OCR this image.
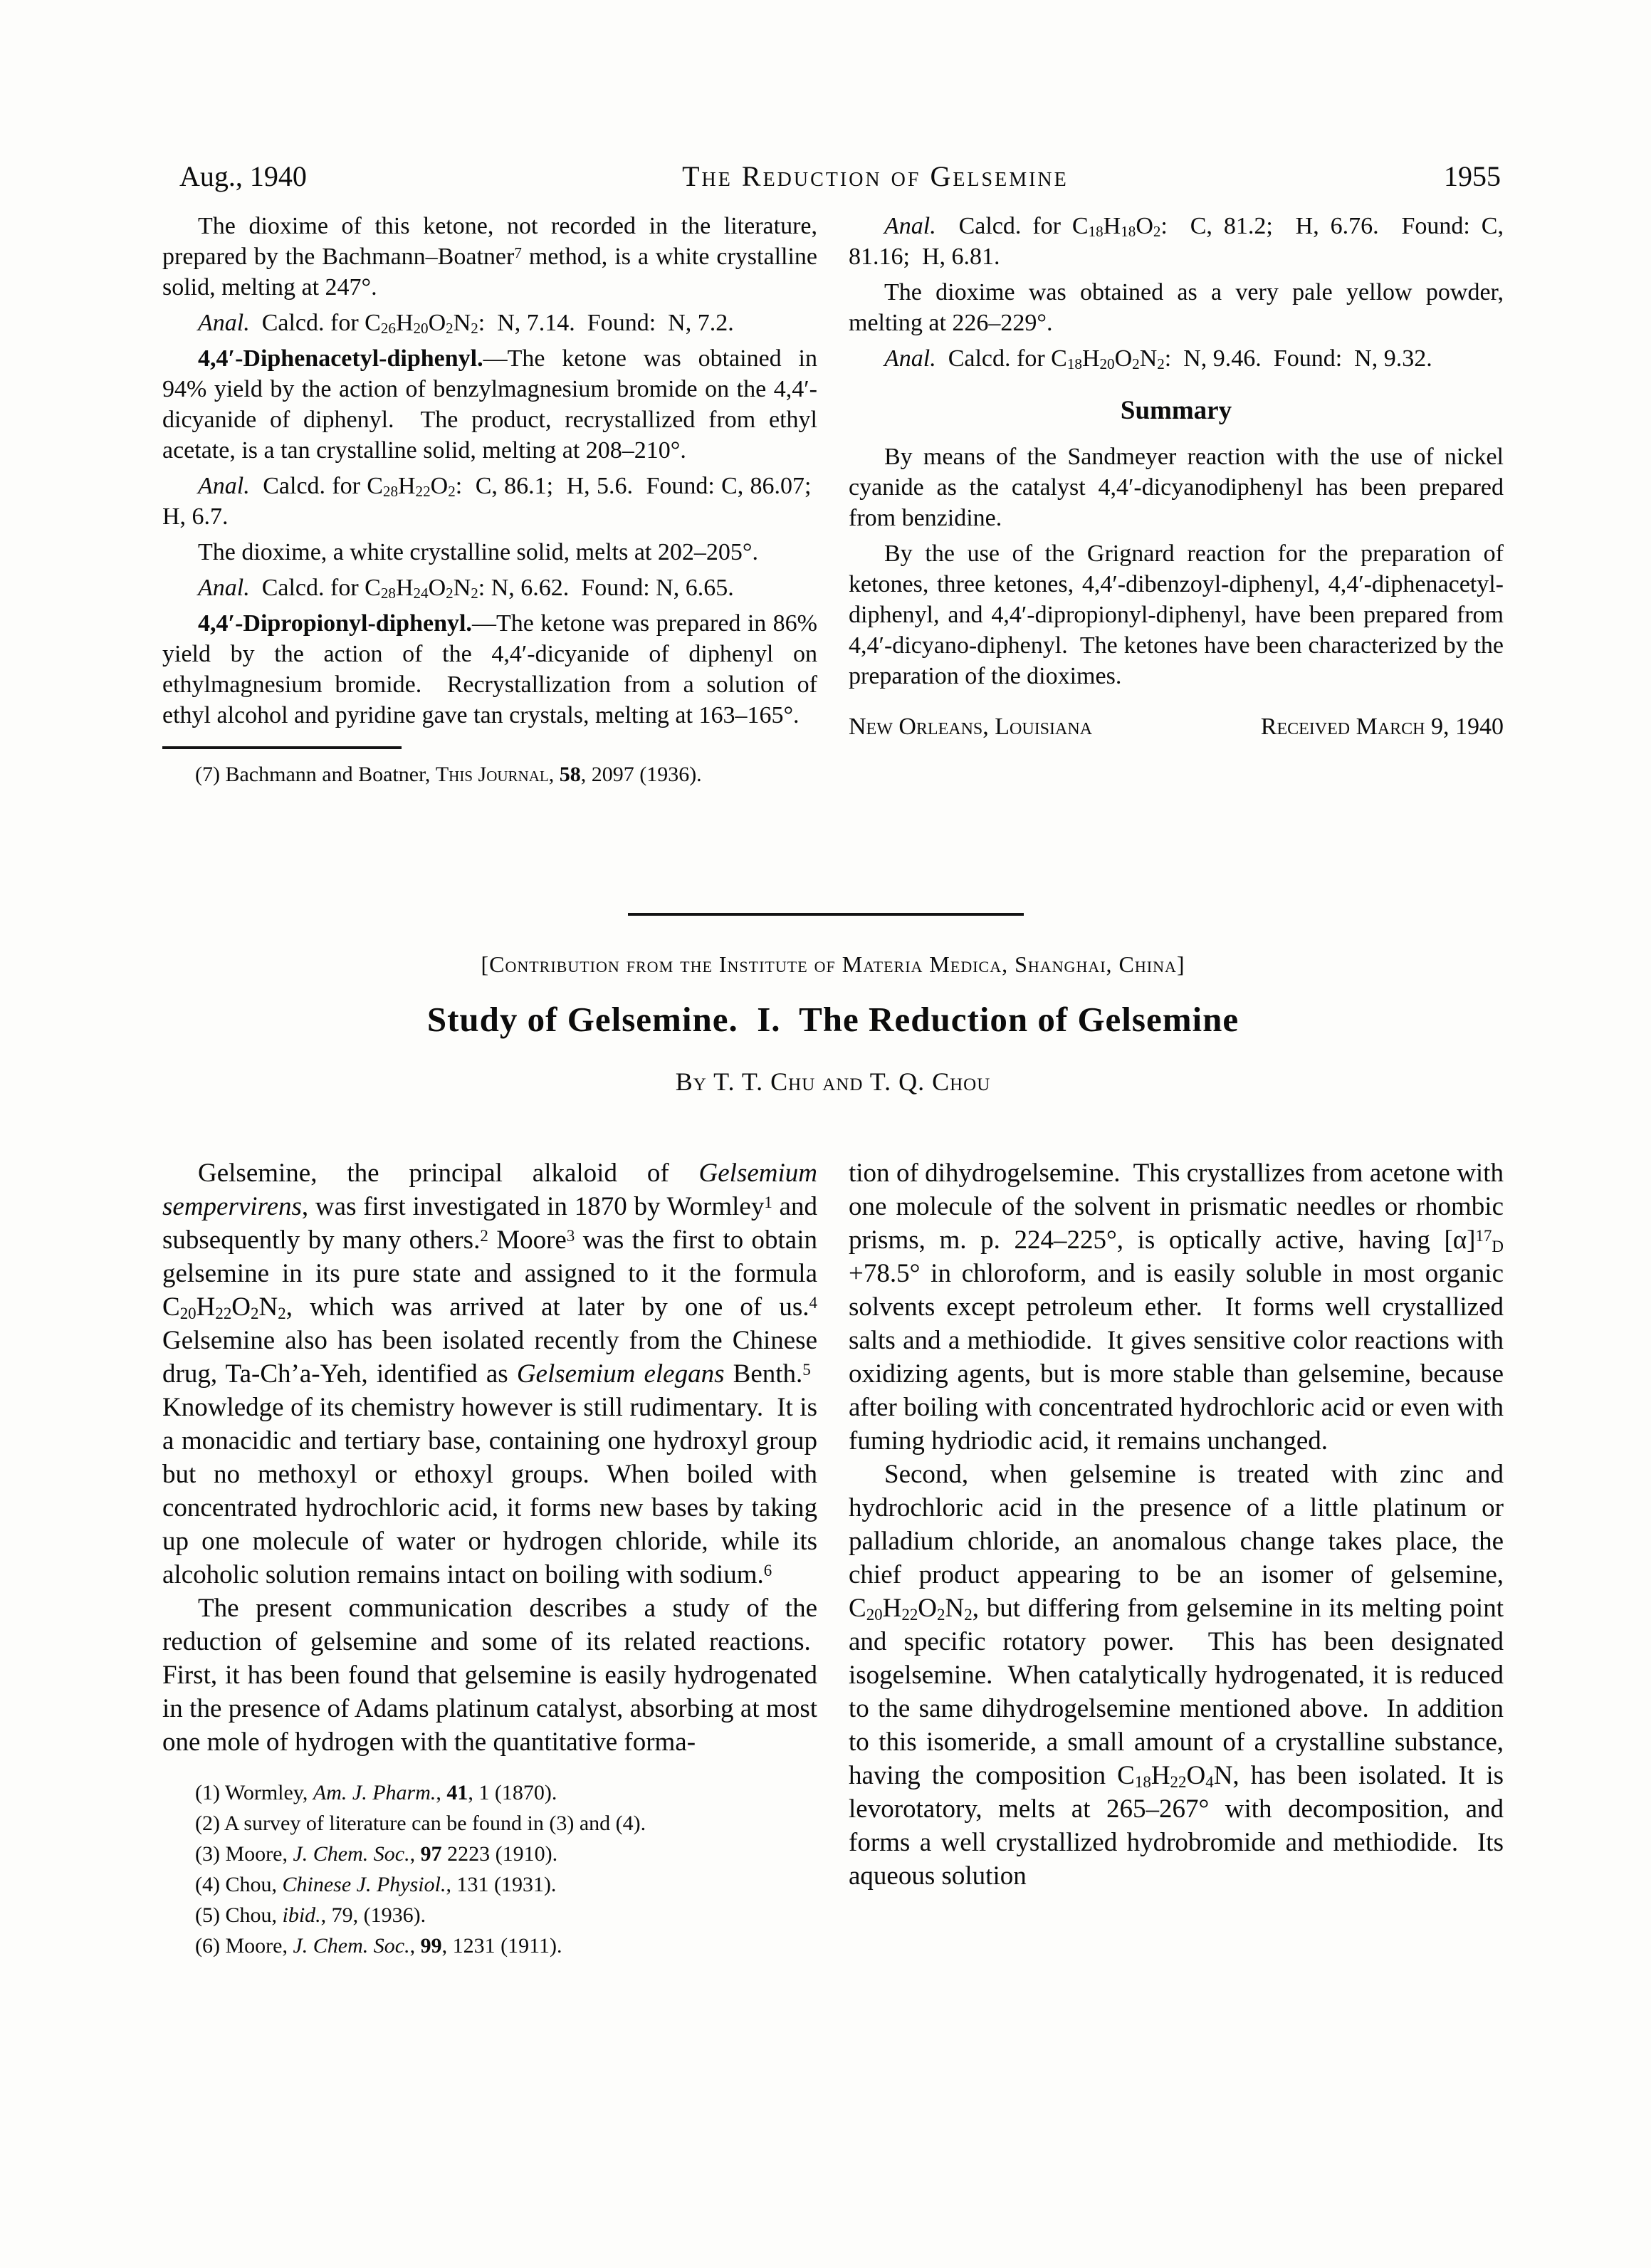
Aug., 1940	The Reduction of Gelsemine	1955

The dioxime of this ketone, not recorded in the literature, prepared by the Bachmann–Boatner$^7$ method, is a white crystalline solid, melting at 247°.

Anal.  Calcd. for $C_{26}H_{20}O_2N_2$:  N, 7.14.  Found:  N, 7.2.

4,4′-Diphenacetyl-diphenyl.—The ketone was obtained in 94% yield by the action of benzylmagnesium bromide on the 4,4′-dicyanide of diphenyl.  The product, recrystallized from ethyl acetate, is a tan crystalline solid, melting at 208–210°.

Anal.  Calcd. for $C_{28}H_{22}O_2$:  C, 86.1;  H, 5.6.  Found: C, 86.07;  H, 6.7.

The dioxime, a white crystalline solid, melts at 202–205°.

Anal.  Calcd. for $C_{28}H_{24}O_2N_2$: N, 6.62.  Found: N, 6.65.

4,4′-Dipropionyl-diphenyl.—The ketone was prepared in 86% yield by the action of the 4,4′-dicyanide of diphenyl on ethylmagnesium bromide.  Recrystallization from a solution of ethyl alcohol and pyridine gave tan crystals, melting at 163–165°.

(7) Bachmann and Boatner, This Journal, 58, 2097 (1936).

Anal.  Calcd. for $C_{18}H_{18}O_2$:  C, 81.2;  H, 6.76.  Found: C, 81.16;  H, 6.81.

The dioxime was obtained as a very pale yellow powder, melting at 226–229°.

Anal.  Calcd. for $C_{18}H_{20}O_2N_2$:  N, 9.46.  Found:  N, 9.32.

Summary

By means of the Sandmeyer reaction with the use of nickel cyanide as the catalyst 4,4′-dicyanodiphenyl has been prepared from benzidine.

By the use of the Grignard reaction for the preparation of ketones, three ketones, 4,4′-dibenzoyl-diphenyl, 4,4′-diphenacetyl-diphenyl, and 4,4′-dipropionyl-diphenyl, have been prepared from 4,4′-dicyano-diphenyl.  The ketones have been characterized by the preparation of the dioximes.

New Orleans, Louisiana	Received March 9, 1940

[Contribution from the Institute of Materia Medica, Shanghai, China]

Study of Gelsemine.  I.  The Reduction of Gelsemine

By T. T. Chu and T. Q. Chou

Gelsemine, the principal alkaloid of Gelsemium sempervirens, was first investigated in 1870 by Wormley$^1$ and subsequently by many others.$^2$ Moore$^3$ was the first to obtain gelsemine in its pure state and assigned to it the formula $C_{20}H_{22}O_2N_2$, which was arrived at later by one of us.$^4$ Gelsemine also has been isolated recently from the Chinese drug, Ta-Ch’a-Yeh, identified as Gelsemium elegans Benth.$^5$  Knowledge of its chemistry however is still rudimentary.  It is a monacidic and tertiary base, containing one hydroxyl group but no methoxyl or ethoxyl groups. When boiled with concentrated hydrochloric acid, it forms new bases by taking up one molecule of water or hydrogen chloride, while its alcoholic solution remains intact on boiling with sodium.$^6$

The present communication describes a study of the reduction of gelsemine and some of its related reactions.  First, it has been found that gelsemine is easily hydrogenated in the presence of Adams platinum catalyst, absorbing at most one mole of hydrogen with the quantitative forma-

(1) Wormley, Am. J. Pharm., 41, 1 (1870).

(2) A survey of literature can be found in (3) and (4).

(3) Moore, J. Chem. Soc., 97 2223 (1910).

(4) Chou, Chinese J. Physiol., 131 (1931).

(5) Chou, ibid., 79, (1936).

(6) Moore, J. Chem. Soc., 99, 1231 (1911).

tion of dihydrogelsemine.  This crystallizes from acetone with one molecule of the solvent in prismatic needles or rhombic prisms, m. p. 224–225°, is optically active, having $[\alpha]^{17}_D +78.5^\circ$ in chloroform, and is easily soluble in most organic solvents except petroleum ether.  It forms well crystallized salts and a methiodide.  It gives sensitive color reactions with oxidizing agents, but is more stable than gelsemine, because after boiling with concentrated hydrochloric acid or even with fuming hydriodic acid, it remains unchanged.

Second, when gelsemine is treated with zinc and hydrochloric acid in the presence of a little platinum or palladium chloride, an anomalous change takes place, the chief product appearing to be an isomer of gelsemine, $C_{20}H_{22}O_2N_2$, but differing from gelsemine in its melting point and specific rotatory power.  This has been designated isogelsemine.  When catalytically hydrogenated, it is reduced to the same dihydrogelsemine mentioned above.  In addition to this isomeride, a small amount of a crystalline substance, having the composition $C_{18}H_{22}O_4N$, has been isolated. It is levorotatory, melts at 265–267° with decomposition, and forms a well crystallized hydrobromide and methiodide.  Its aqueous solution
